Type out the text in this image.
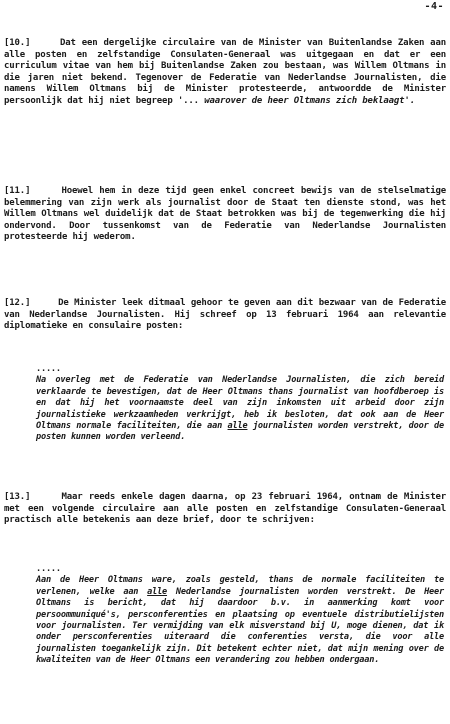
-4-
[10.]	Dat een dergelijke circulaire van de Minister van Buitenlandse Zaken aan alle posten en zelfstandige Consulaten-Generaal was uitgegaan en dat er een curriculum vitae van hem bij Buitenlandse Zaken zou bestaan, was Willem Oltmans in die jaren niet bekend. Tegenover de Federatie van Nederlandse Journalisten, die namens Willem Oltmans bij de Minister protesteerde, antwoordde de Minister persoonlijk dat hij niet begreep '... waarover de heer Oltmans zich beklaagt'.
[11.]	Hoewel hem in deze tijd geen enkel concreet bewijs van de stelselmatige belemmering van zijn werk als journalist door de Staat ten dienste stond, was het Willem Oltmans wel duidelijk dat de Staat betrokken was bij de tegenwerking die hij ondervond. Door tussenkomst van de Federatie van Nederlandse Journalisten protesteerde hij wederom.
[12.]	De Minister leek ditmaal gehoor te geven aan dit bezwaar van de Federatie van Nederlandse Journalisten. Hij schreef op 13 februari 1964 aan relevantie diplomatieke en consulaire posten:
.....
Na overleg met de Federatie van Nederlandse Journalisten, die zich bereid verklaarde te bevestigen, dat de Heer Oltmans thans journalist van hoofdberoep is en dat hij het voornaamste deel van zijn inkomsten uit arbeid door zijn journalistieke werkzaamheden verkrijgt, heb ik besloten, dat ook aan de Heer Oltmans normale faciliteiten, die aan alle journalisten worden verstrekt, door de posten kunnen worden verleend.
[13.]	Maar reeds enkele dagen daarna, op 23 februari 1964, ontnam de Minister met een volgende circulaire aan alle posten en zelfstandige Consulaten-Generaal practisch alle betekenis aan deze brief, door te schrijven:
.....
Aan de Heer Oltmans ware, zoals gesteld, thans de normale faciliteiten te verlenen, welke aan alle Nederlandse journalisten worden verstrekt. De Heer Oltmans is bericht, dat hij daardoor b.v. in aanmerking komt voor persoommuniqué's, persconferenties en plaatsing op eventuele distributielijsten voor journalisten. Ter vermijding van elk misverstand bij U, moge dienen, dat ik onder persconferenties uiteraard die conferenties versta, die voor alle journalisten toegankelijk zijn. Dit betekent echter niet, dat mijn mening over de kwaliteiten van de Heer Oltmans een verandering zou hebben ondergaan.
